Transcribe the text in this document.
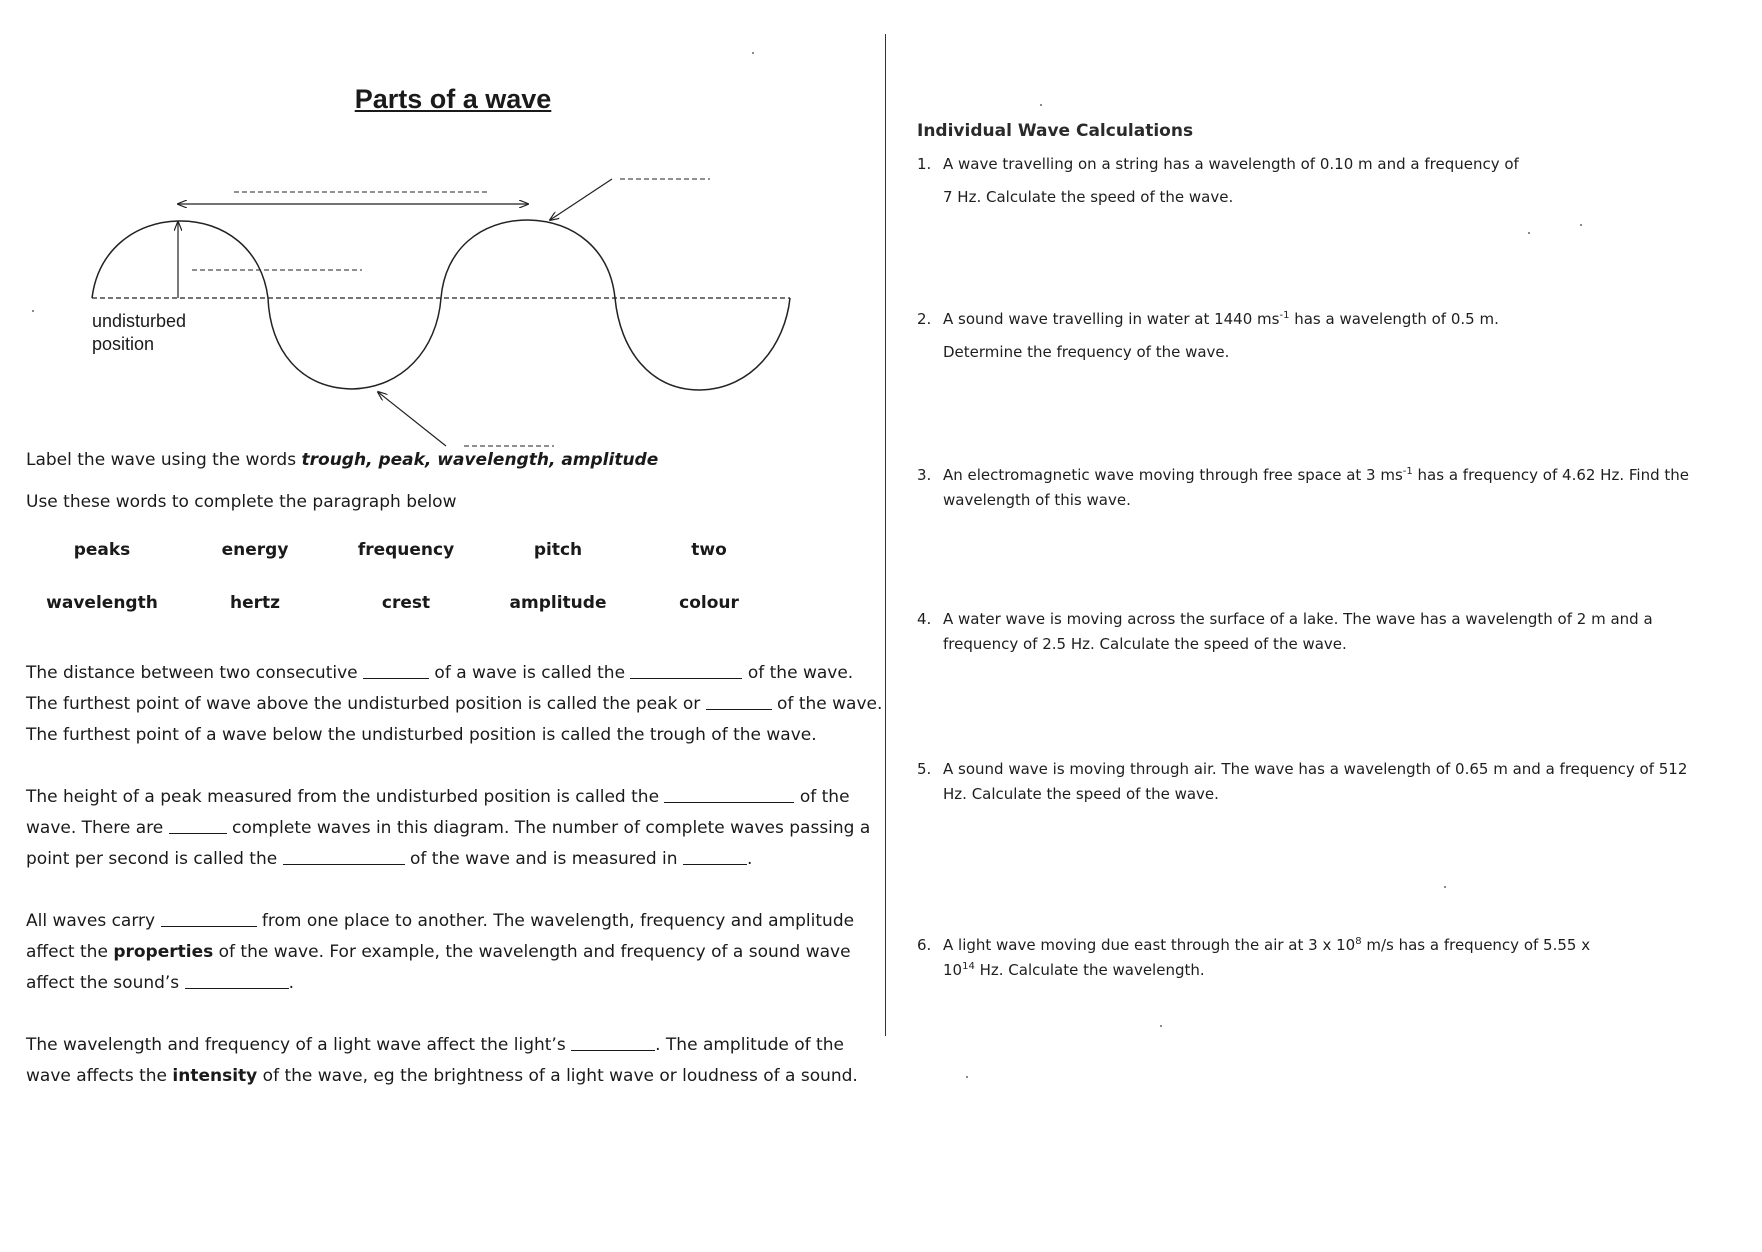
Parts of a wave
undisturbed
position
Label the wave using the words trough, peak, wavelength, amplitude
Use these words to complete the paragraph below
peaks	energy	frequency	pitch	two
wavelength	hertz	crest	amplitude	colour
The distance between two consecutive	of a wave is called the	of the wave.
The furthest point of wave above the undisturbed position is called the peak or	of the wave.
The furthest point of a wave below the undisturbed position is called the trough of the wave.
The height of a peak measured from the undisturbed position is called the	of the
wave. There are	complete waves in this diagram. The number of complete waves passing a
point per second is called the	of the wave and is measured in	.
All waves carry	from one place to another. The wavelength, frequency and amplitude
affect the properties of the wave. For example, the wavelength and frequency of a sound wave
affect the sound’s	.
The wavelength and frequency of a light wave affect the light’s	. The amplitude of the
wave affects the intensity of the wave, eg the brightness of a light wave or loudness of a sound.
Individual Wave Calculations
1. A wave travelling on a string has a wavelength of 0.10 m and a frequency of
7 Hz. Calculate the speed of the wave.
2. A sound wave travelling in water at 1440 $ms^{-1}$ has a wavelength of 0.5 m.
Determine the frequency of the wave.
3. An electromagnetic wave moving through free space at 3 $ms^{-1}$ has a frequency of 4.62 Hz. Find the
wavelength of this wave.
4. A water wave is moving across the surface of a lake. The wave has a wavelength of 2 m and a
frequency of 2.5 Hz. Calculate the speed of the wave.
5. A sound wave is moving through air. The wave has a wavelength of 0.65 m and a frequency of 512
Hz. Calculate the speed of the wave.
6. A light wave moving due east through the air at 3 x $10^8$ m/s has a frequency of 5.55 x
$10^{14}$ Hz. Calculate the wavelength.
